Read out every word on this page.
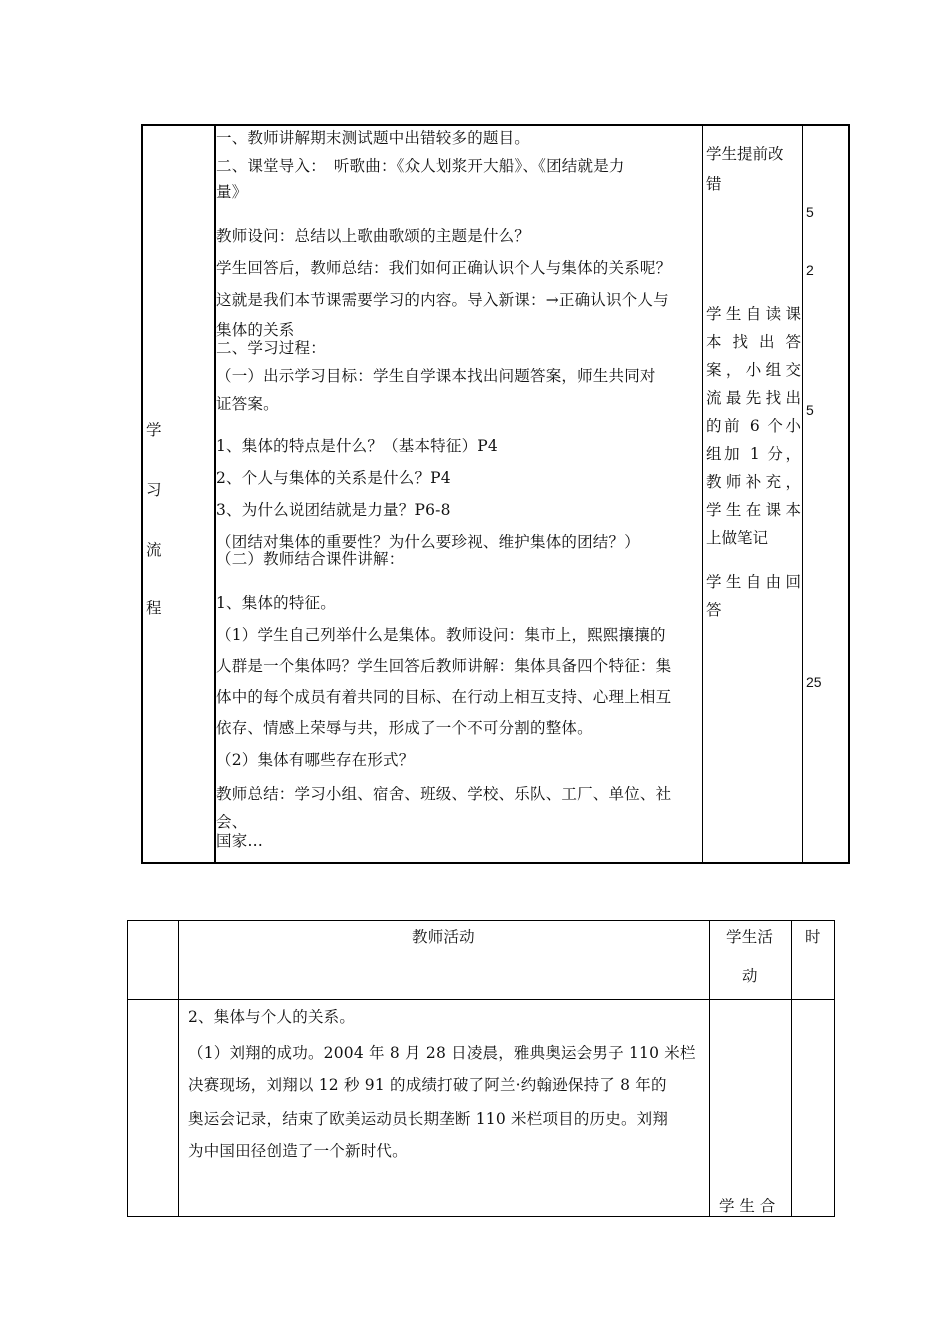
学
习
流
程
一、教师讲解期末测试题中出错较多的题目。
二、课堂导入：　听歌曲：《众人划浆开大船》、《团结就是力
量》
教师设问：总结以上歌曲歌颂的主题是什么？
学生回答后，教师总结：我们如何正确认识个人与集体的关系呢？
这就是我们本节课需要学习的内容。导入新课：→正确认识个人与
集体的关系
二、学习过程：
（一）出示学习目标：学生自学课本找出问题答案，师生共同对
证答案。
1、集体的特点是什么？（基本特征）P4
2、个人与集体的关系是什么？P4
3、为什么说团结就是力量？P6-8
（团结对集体的重要性？为什么要珍视、维护集体的团结？）
（二）教师结合课件讲解：
1、集体的特征。
（1）学生自己列举什么是集体。教师设问：集市上，熙熙攘攘的
人群是一个集体吗？学生回答后教师讲解：集体具备四个特征：集
体中的每个成员有着共同的目标、在行动上相互支持、心理上相互
依存、情感上荣辱与共，形成了一个不可分割的整体。
（2）集体有哪些存在形式？
教师总结：学习小组、宿舍、班级、学校、乐队、工厂、单位、社
会、
国家…
学生提前改
错
学生自读课
本找出答
案，小组交
流最先找出
的前 6 个小
组加 1 分，
教师补充，
学生在课本
上做笔记
学生自由回
答
5
2
5
25
教师活动	学生活
动
时
2、集体与个人的关系。
（1）刘翔的成功。2004 年 8 月 28 日凌晨，雅典奥运会男子 110 米栏
决赛现场，刘翔以 12 秒 91 的成绩打破了阿兰·约翰逊保持了 8 年的
奥运会记录，结束了欧美运动员长期垄断 110 米栏项目的历史。刘翔
为中国田径创造了一个新时代。
学 生 合
